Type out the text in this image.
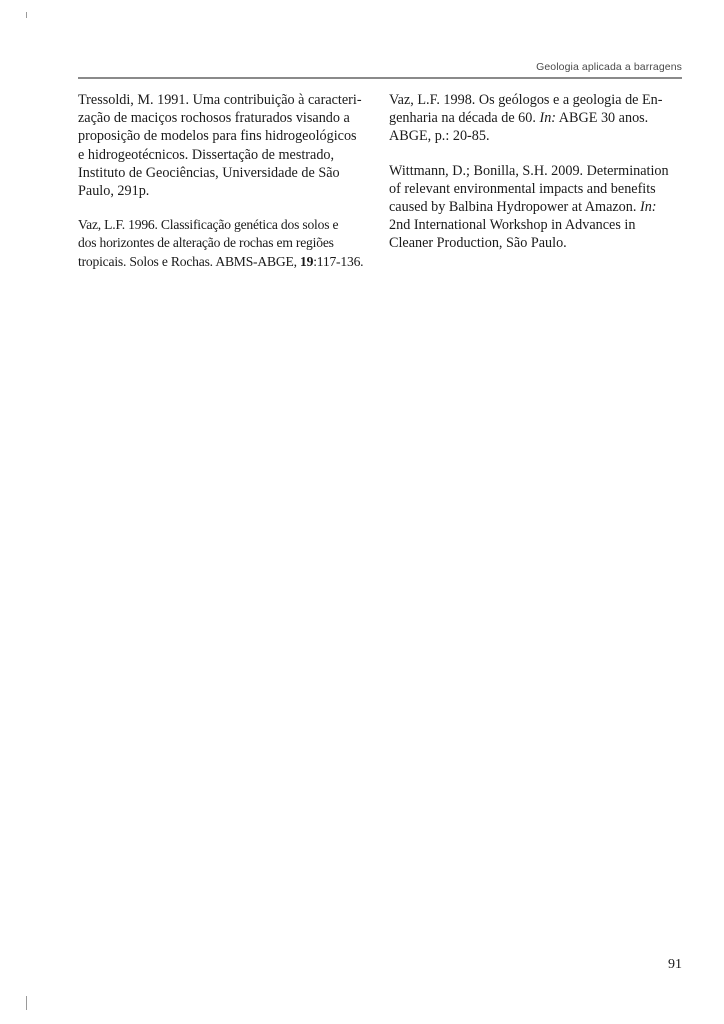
Geologia aplicada a barragens

Tressoldi, M. 1991. Uma contribuição à caracteri-
zação de maciços rochosos fraturados visando a
proposição de modelos para fins hidrogeológicos
e hidrogeotécnicos. Dissertação de mestrado,
Instituto de Geociências, Universidade de São
Paulo, 291p.

Vaz, L.F. 1996. Classificação genética dos solos e
dos horizontes de alteração de rochas em regiões
tropicais. Solos e Rochas. ABMS-ABGE, 19:117-136.

Vaz, L.F. 1998. Os geólogos e a geologia de En-
genharia na década de 60. In: ABGE 30 anos.
ABGE, p.: 20-85.

Wittmann, D.; Bonilla, S.H. 2009. Determination
of relevant environmental impacts and benefits
caused by Balbina Hydropower at Amazon. In:
2nd International Workshop in Advances in
Cleaner Production, São Paulo.

91
